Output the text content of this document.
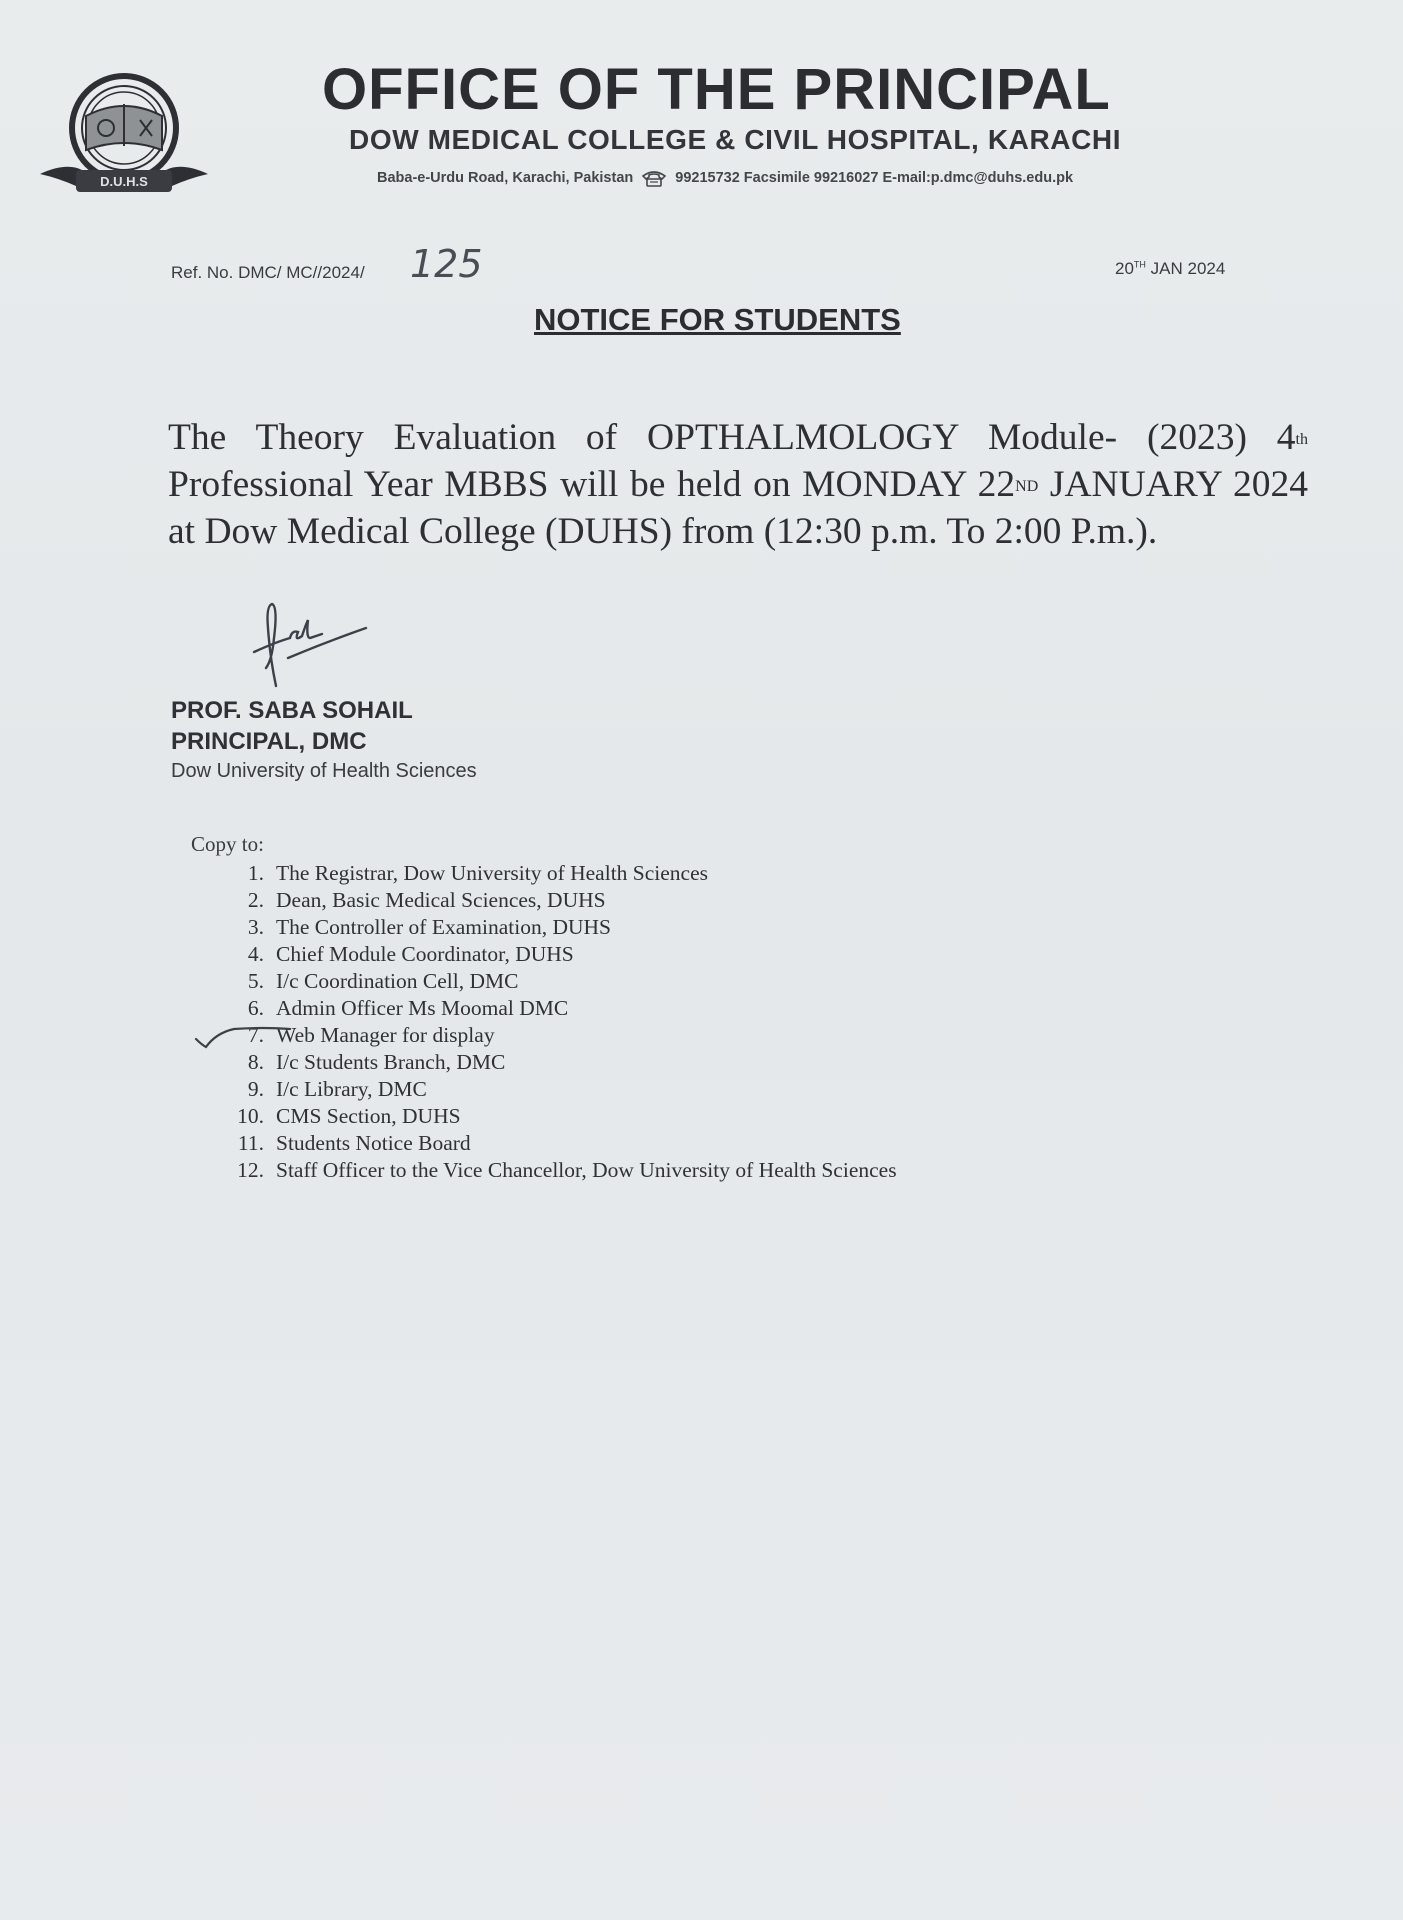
D.U.H.S
OFFICE OF THE PRINCIPAL
DOW MEDICAL COLLEGE & CIVIL HOSPITAL, KARACHI
Baba-e-Urdu Road, Karachi, Pakistan	99215732 Facsimile 99216027 E-mail:p.dmc@duhs.edu.pk
Ref. No. DMC/ MC//2024/ 125	20TH JAN 2024
NOTICE FOR STUDENTS

The Theory Evaluation of OPTHALMOLOGY Module- (2023) 4th Professional Year MBBS will be held on MONDAY 22ND JANUARY 2024 at Dow Medical College (DUHS) from (12:30 p.m. To 2:00 P.m.).

PROF. SABA SOHAIL
PRINCIPAL, DMC
Dow University of Health Sciences
Copy to:
1. The Registrar, Dow University of Health Sciences
2. Dean, Basic Medical Sciences, DUHS
3. The Controller of Examination, DUHS
4. Chief Module Coordinator, DUHS
5. I/c Coordination Cell, DMC
6. Admin Officer Ms Moomal DMC
7. Web Manager for display
8. I/c Students Branch, DMC
9. I/c Library, DMC
10. CMS Section, DUHS
11. Students Notice Board
12. Staff Officer to the Vice Chancellor, Dow University of Health Sciences
